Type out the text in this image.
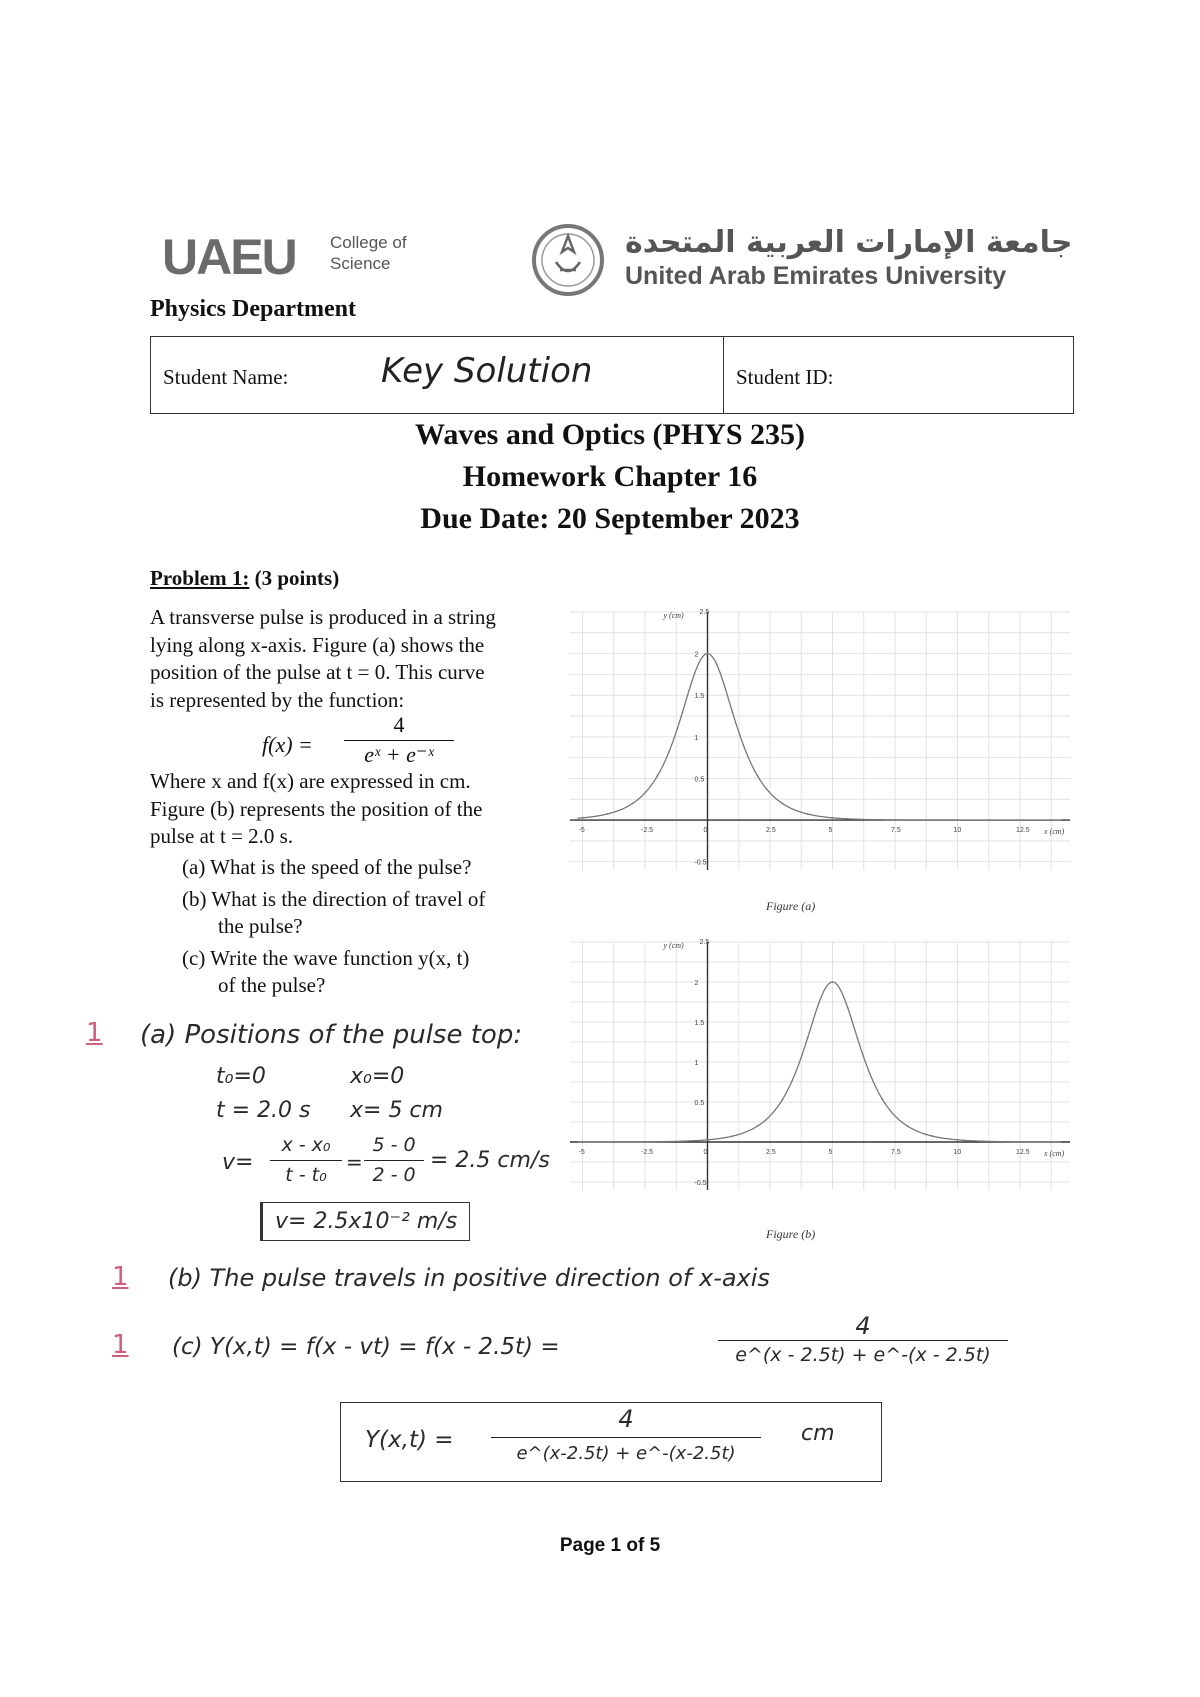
UAEU College of
Science
جامعة الإمارات العربية المتحدة
United Arab Emirates University
Physics Department
Student Name:	Key Solution	Student ID:
Waves and Optics (PHYS 235)
Homework Chapter 16
Due Date: 20 September 2023
Problem 1: (3 points)
A transverse pulse is produced in a string
lying along x-axis. Figure (a) shows the
position of the pulse at t = 0. This curve
is represented by the function:
f(x) =
4
eˣ + e⁻ˣ
Where x and f(x) are expressed in cm.
Figure (b) represents the position of the
pulse at t = 2.0 s.
(a) What is the speed of the pulse?
(b) What is the direction of travel of
the pulse?
(c) Write the wave function y(x, t)
of the pulse?
-5	-2.5	0	2.5	5	7.5	10	12.5
2
1.5
1
0.5
-0.5
2.5
y (cm)
x (cm)
Figure (a)
-5	-2.5	0	2.5	5	7.5	10	12.5
2
1.5
1
0.5
-0.5
2.5
y (cm)
x (cm)
Figure (b)
1 (a) Positions of the pulse top:
t₀=0	x₀=0
t = 2.0 s x= 5 cm
v=
x - x₀
t - t₀
=
5 - 0
2 - 0
= 2.5 cm/s
v= 2.5x10⁻² m/s
1 (b) The pulse travels in positive direction of x-axis
1 (c) Y(x,t) = f(x - vt) = f(x - 2.5t) =
4
e^(x - 2.5t) + e^-(x - 2.5t)
Y(x,t) =
4
e^(x-2.5t) + e^-(x-2.5t)
cm
Page 1 of 5
